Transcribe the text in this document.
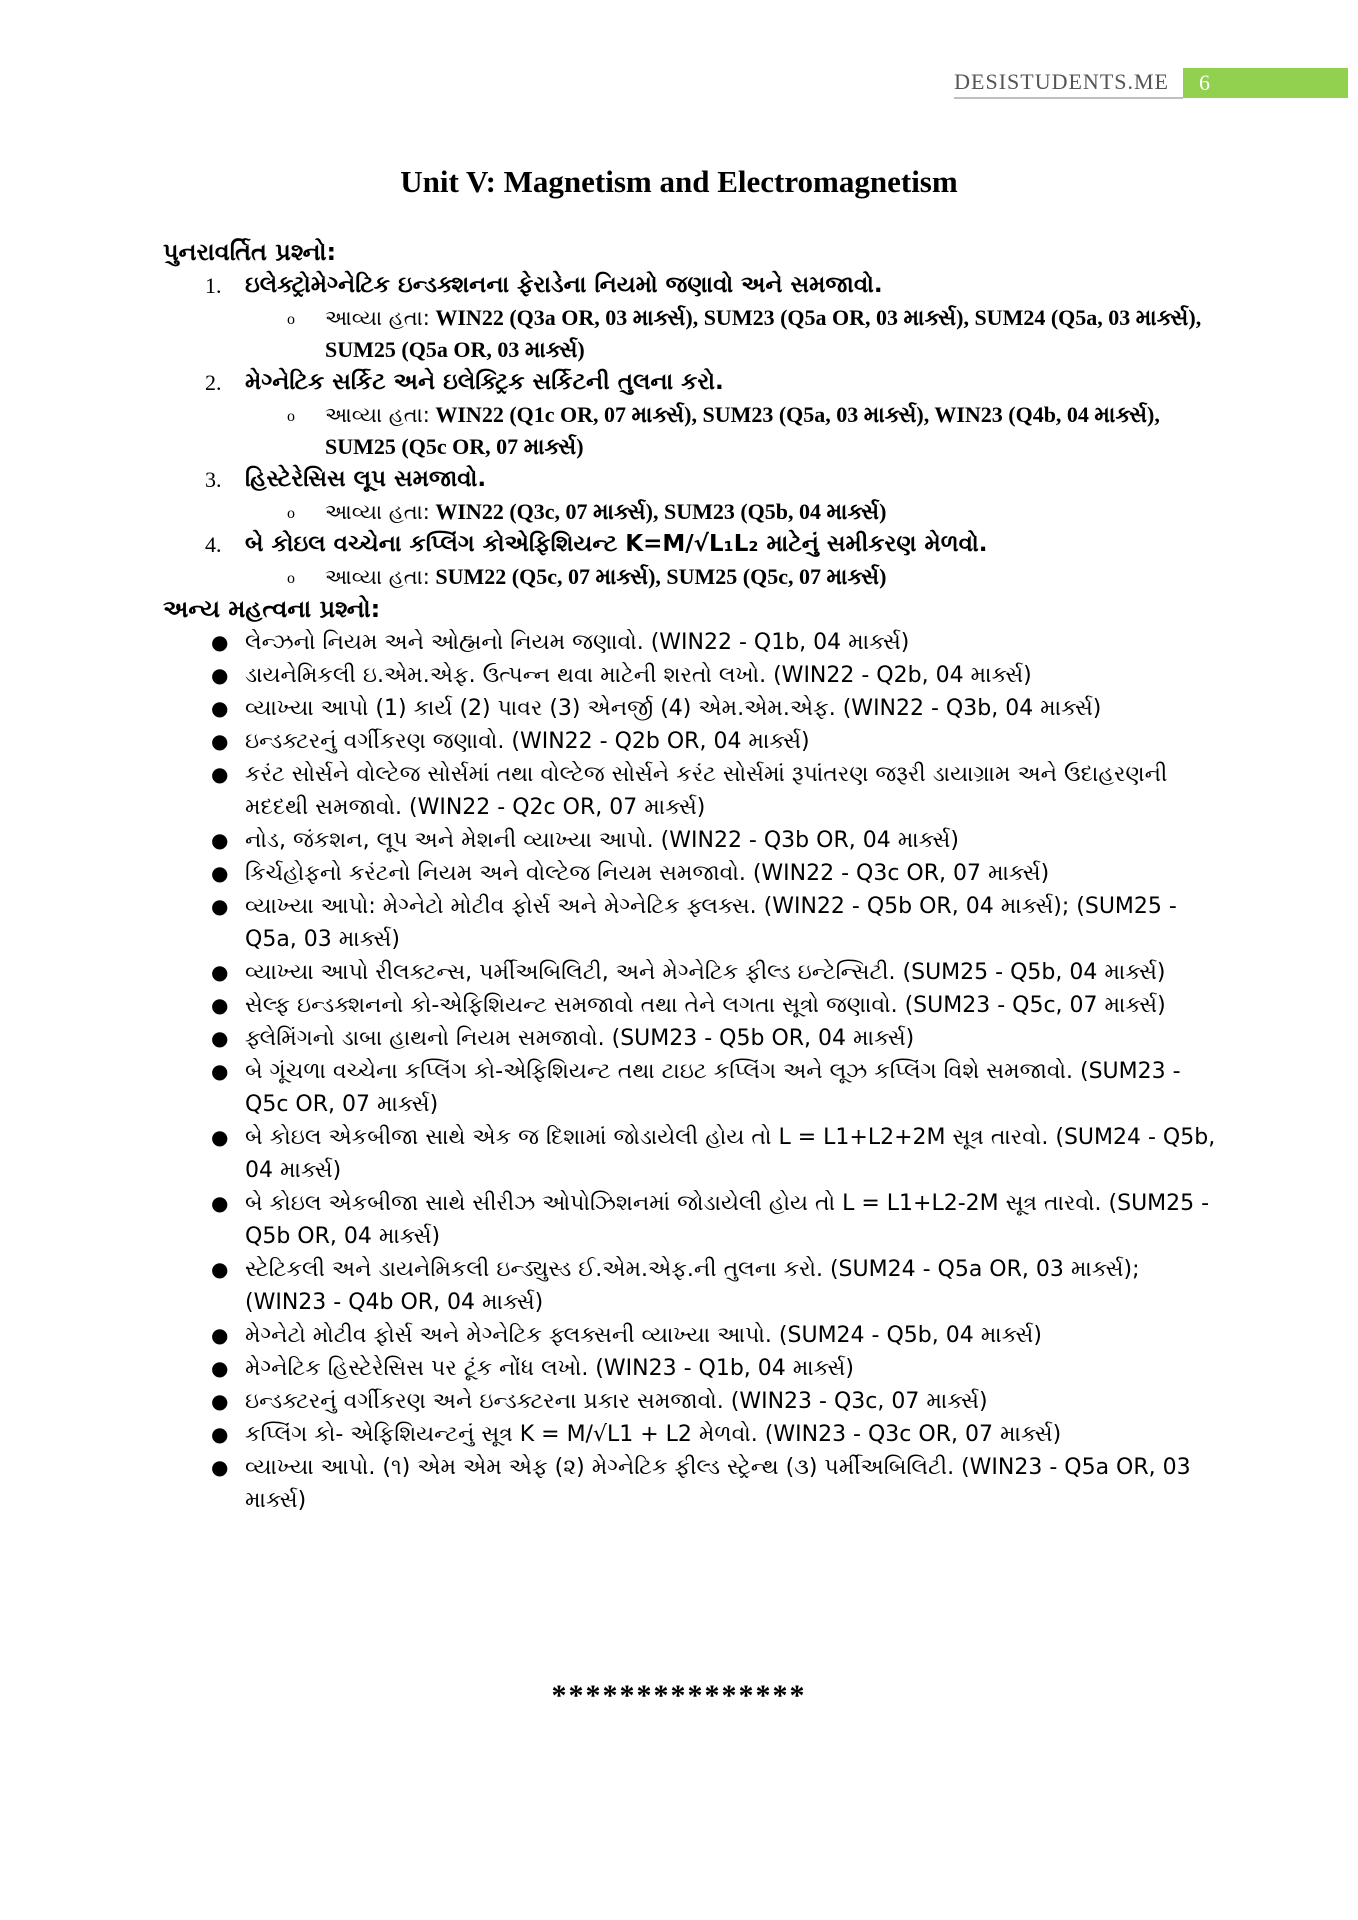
DESISTUDENTS.ME	6
Unit V: Magnetism and Electromagnetism
પુનરાવર્તિત પ્રશ્નો:
1. ઇલેક્ટ્રોમેગ્નેટિક ઇન્ડક્શનના ફેરાડેના નિયમો જણાવો અને સમજાવો.
o આવ્યા હતા: WIN22 (Q3a OR, 03 માર્ક્સ), SUM23 (Q5a OR, 03 માર્ક્સ), SUM24 (Q5a, 03 માર્ક્સ), SUM25 (Q5a OR, 03 માર્ક્સ)
2. મેગ્નેટિક સર્કિટ અને ઇલેક્ટ્રિક સર્કિટની તુલના કરો.
o આવ્યા હતા: WIN22 (Q1c OR, 07 માર્ક્સ), SUM23 (Q5a, 03 માર્ક્સ), WIN23 (Q4b, 04 માર્ક્સ), SUM25 (Q5c OR, 07 માર્ક્સ)
3. હિસ્ટેરેસિસ લૂપ સમજાવો.
o આવ્યા હતા: WIN22 (Q3c, 07 માર્ક્સ), SUM23 (Q5b, 04 માર્ક્સ)
4. બે કોઇલ વચ્ચેના કપ્લિંગ કોએફિશિયન્ટ K=M/√L₁L₂ માટેનું સમીકરણ મેળવો.
o આવ્યા હતા: SUM22 (Q5c, 07 માર્ક્સ), SUM25 (Q5c, 07 માર્ક્સ)
અન્ય મહત્વના પ્રશ્નો:
● લેન્ઝનો નિયમ અને ઓહ્મનો નિયમ જણાવો. (WIN22 - Q1b, 04 માર્ક્સ)
● ડાયનેમિકલી ઇ.એમ.એફ. ઉત્પન્ન થવા માટેની શરતો લખો. (WIN22 - Q2b, 04 માર્ક્સ)
● વ્યાખ્યા આપો (1) કાર્ય (2) પાવર (3) એનર્જી (4) એમ.એમ.એફ. (WIN22 - Q3b, 04 માર્ક્સ)
● ઇન્ડક્ટરનું વર્ગીકરણ જણાવો. (WIN22 - Q2b OR, 04 માર્ક્સ)
● કરંટ સોર્સને વોલ્ટેજ સોર્સમાં તથા વોલ્ટેજ સોર્સને કરંટ સોર્સમાં રૂપાંતરણ જરૂરી ડાયાગ્રામ અને ઉદાહરણની મદદથી સમજાવો. (WIN22 - Q2c OR, 07 માર્ક્સ)
● નોડ, જંકશન, લૂપ અને મેશની વ્યાખ્યા આપો. (WIN22 - Q3b OR, 04 માર્ક્સ)
● કિર્ચહોફનો કરંટનો નિયમ અને વોલ્ટેજ નિયમ સમજાવો. (WIN22 - Q3c OR, 07 માર્ક્સ)
● વ્યાખ્યા આપો: મેગ્નેટો મોટીવ ફોર્સ અને મેગ્નેટિક ફ્લક્સ. (WIN22 - Q5b OR, 04 માર્ક્સ); (SUM25 - Q5a, 03 માર્ક્સ)
● વ્યાખ્યા આપો રીલક્ટન્સ, પર્મીઅબિલિટી, અને મેગ્નેટિક ફીલ્ડ ઇન્ટેન્સિટી. (SUM25 - Q5b, 04 માર્ક્સ)
● સેલ્ફ ઇન્ડક્શનનો કો-એફિશિયન્ટ સમજાવો તથા તેને લગતા સૂત્રો જણાવો. (SUM23 - Q5c, 07 માર્ક્સ)
● ફ્લેમિંગનો ડાબા હાથનો નિયમ સમજાવો. (SUM23 - Q5b OR, 04 માર્ક્સ)
● બે ગૂંચળા વચ્ચેના કપ્લિંગ કો-એફિશિયન્ટ તથા ટાઇટ કપ્લિંગ અને લૂઝ કપ્લિંગ વિશે સમજાવો. (SUM23 - Q5c OR, 07 માર્ક્સ)
● બે કોઇલ એકબીજા સાથે એક જ દિશામાં જોડાયેલી હોય તો L = L1+L2+2M સૂત્ર તારવો. (SUM24 - Q5b, 04 માર્ક્સ)
● બે કોઇલ એકબીજા સાથે સીરીઝ ઓપોઝિશનમાં જોડાયેલી હોય તો L = L1+L2-2M સૂત્ર તારવો. (SUM25 - Q5b OR, 04 માર્ક્સ)
● સ્ટેટિકલી અને ડાયનેમિકલી ઇન્ડ્યુસ્ડ ઈ.એમ.એફ.ની તુલના કરો. (SUM24 - Q5a OR, 03 માર્ક્સ); (WIN23 - Q4b OR, 04 માર્ક્સ)
● મેગ્નેટો મોટીવ ફોર્સ અને મેગ્નેટિક ફ્લક્સની વ્યાખ્યા આપો. (SUM24 - Q5b, 04 માર્ક્સ)
● મેગ્નેટિક હિસ્ટેરેસિસ પર ટૂંક નોંધ લખો. (WIN23 - Q1b, 04 માર્ક્સ)
● ઇન્ડક્ટરનું વર્ગીકરણ અને ઇન્ડક્ટરના પ્રકાર સમજાવો. (WIN23 - Q3c, 07 માર્ક્સ)
● કપ્લિંગ કો- એફિશિયન્ટનું સૂત્ર K = M/√L1 + L2 મેળવો. (WIN23 - Q3c OR, 07 માર્ક્સ)
● વ્યાખ્યા આપો. (૧) એમ એમ એફ (૨) મેગ્નેટિક ફીલ્ડ સ્ટ્રેન્થ (૩) પર્મીઅબિલિટી. (WIN23 - Q5a OR, 03 માર્ક્સ)
***************
